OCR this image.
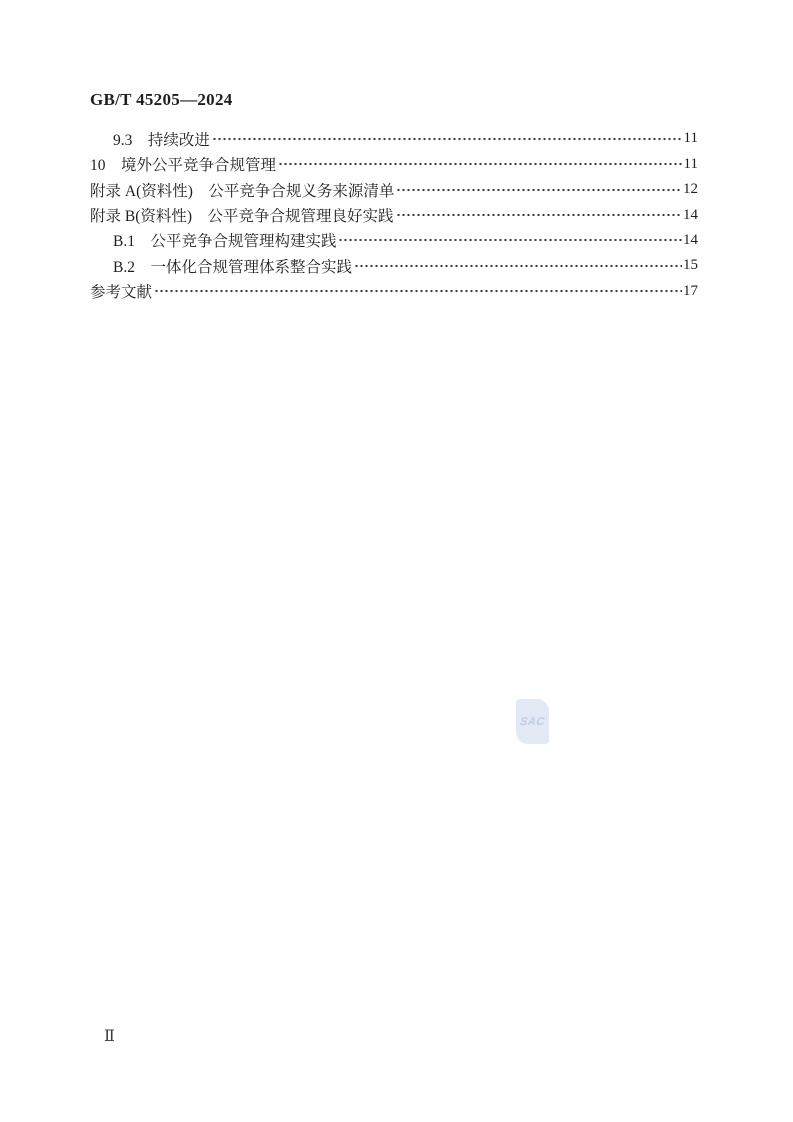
GB/T 45205—2024
9.3　持续改进	11
10　境外公平竞争合规管理	11
附录 A(资料性)　公平竞争合规义务来源清单	12
附录 B(资料性)　公平竞争合规管理良好实践	14
B.1　公平竞争合规管理构建实践	14
B.2　一体化合规管理体系整合实践	15
参考文献	17
SAC
Ⅱ
